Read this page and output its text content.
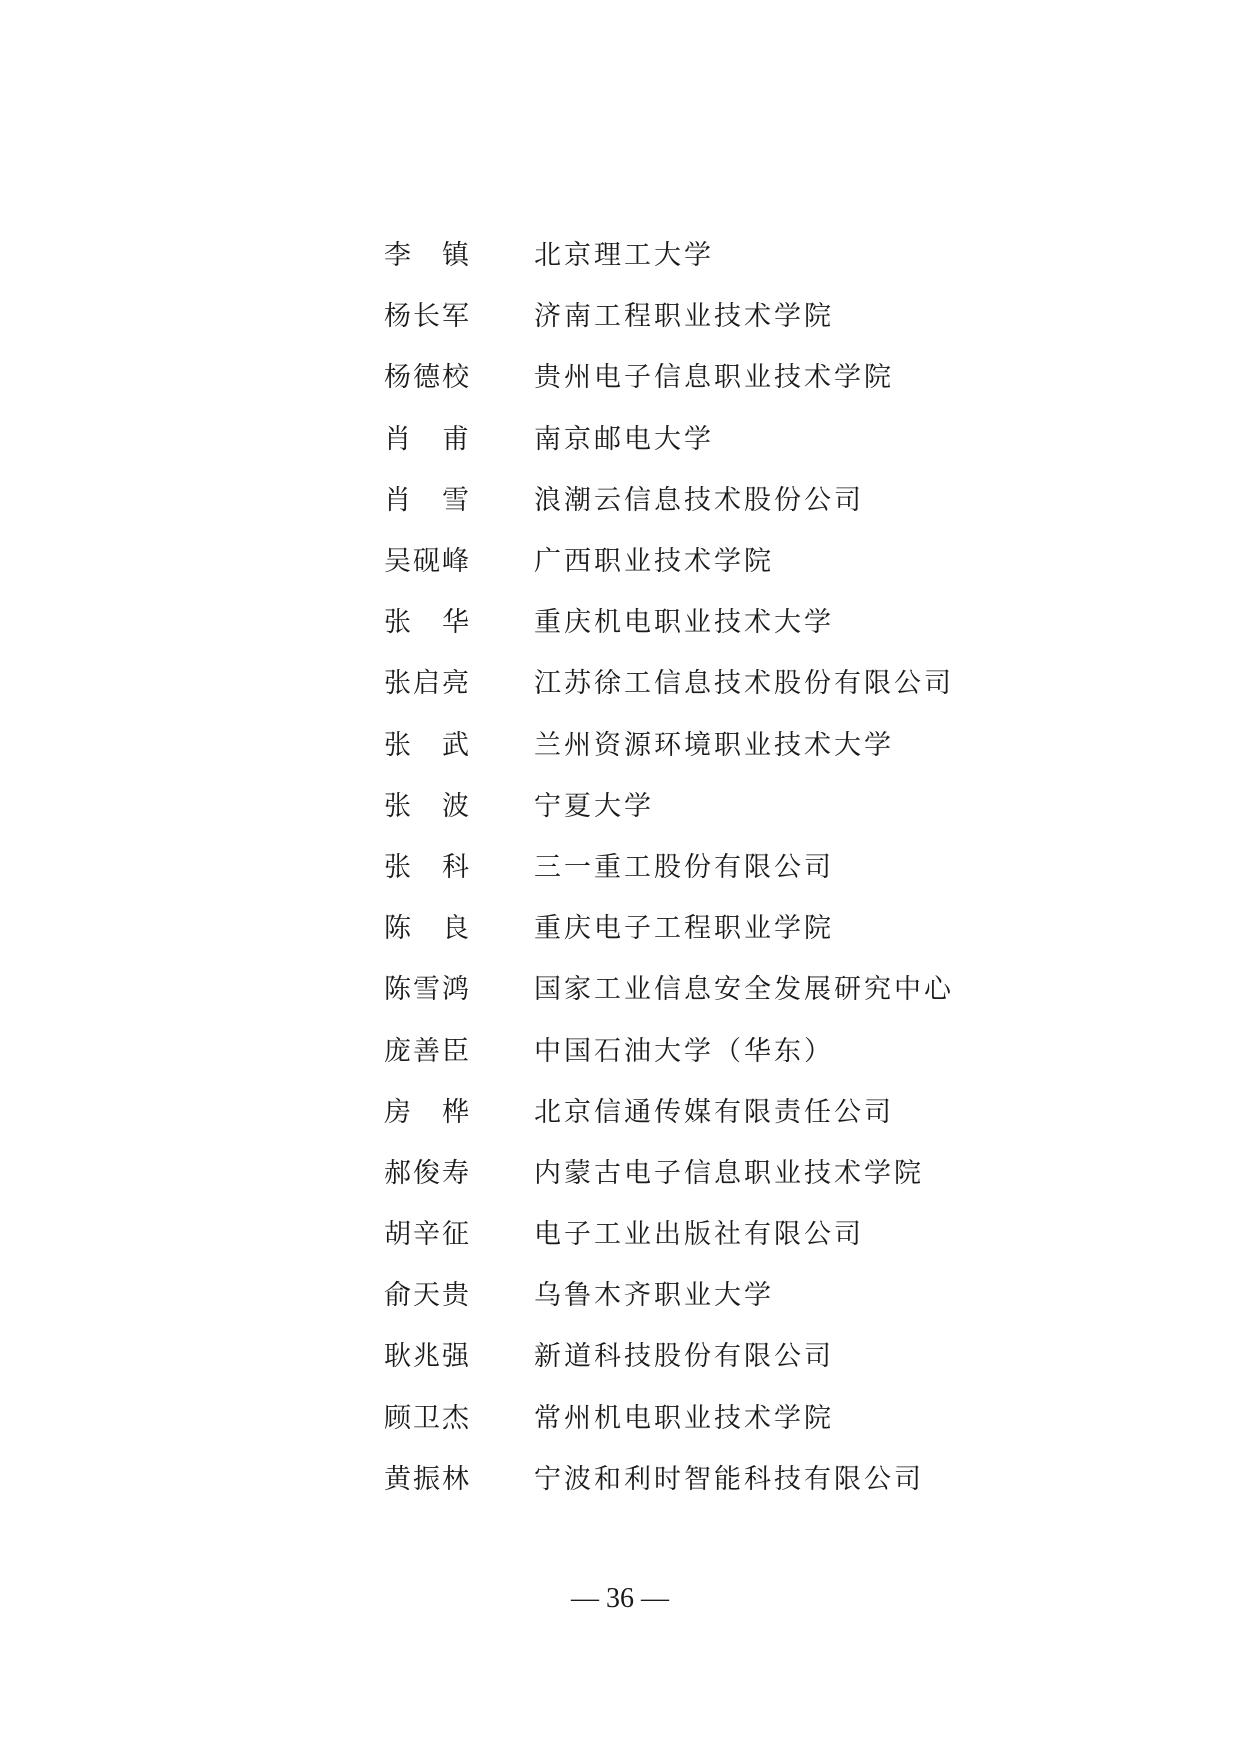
李　镇	北京理工大学
杨长军	济南工程职业技术学院
杨德校	贵州电子信息职业技术学院
肖　甫	南京邮电大学
肖　雪	浪潮云信息技术股份公司
吴砚峰	广西职业技术学院
张　华	重庆机电职业技术大学
张启亮	江苏徐工信息技术股份有限公司
张　武	兰州资源环境职业技术大学
张　波	宁夏大学
张　科	三一重工股份有限公司
陈　良	重庆电子工程职业学院
陈雪鸿	国家工业信息安全发展研究中心
庞善臣	中国石油大学（华东）
房　桦	北京信通传媒有限责任公司
郝俊寿	内蒙古电子信息职业技术学院
胡辛征	电子工业出版社有限公司
俞天贵	乌鲁木齐职业大学
耿兆强	新道科技股份有限公司
顾卫杰	常州机电职业技术学院
黄振林	宁波和利时智能科技有限公司
— 36 —
